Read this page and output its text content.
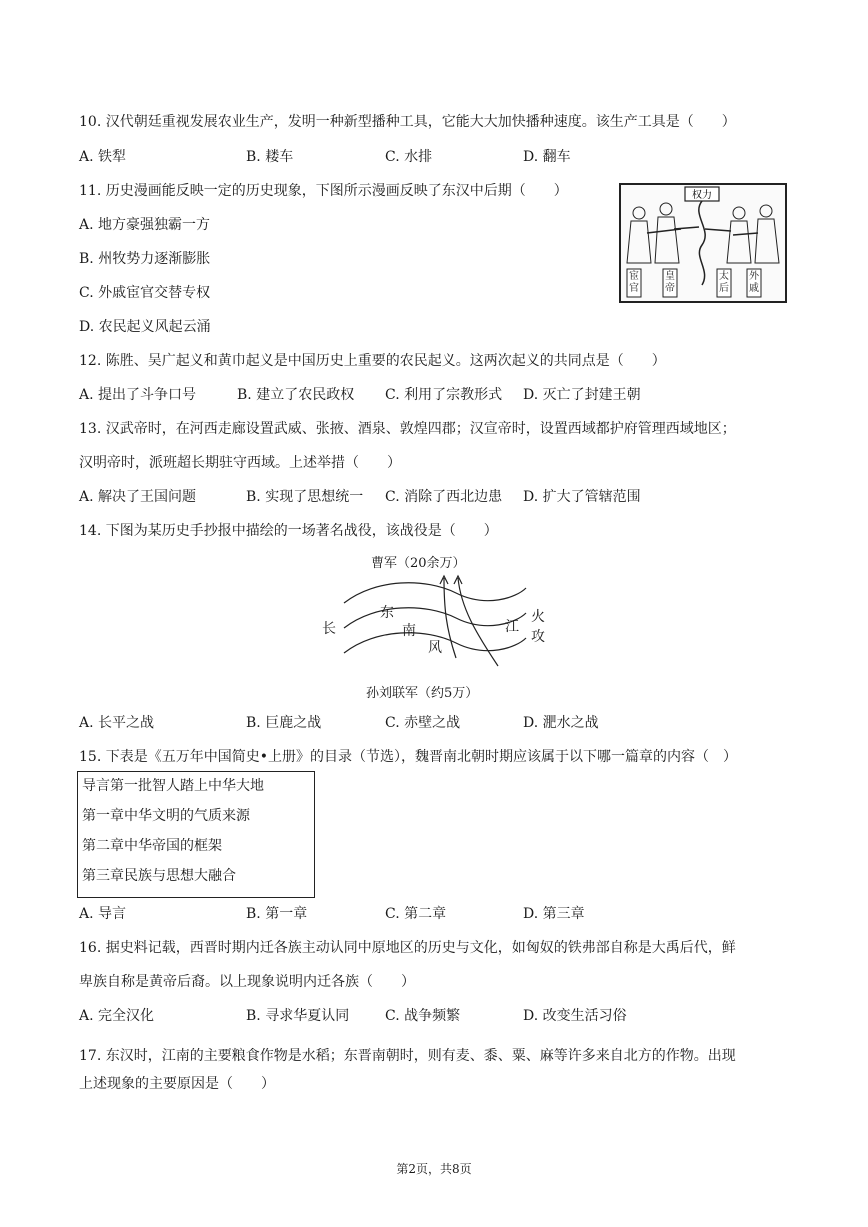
10. 汉代朝廷重视发展农业生产，发明一种新型播种工具，它能大大加快播种速度。该生产工具是（　　）
A. 铁犁	B. 耧车	C. 水排	D. 翻车
11. 历史漫画能反映一定的历史现象，下图所示漫画反映了东汉中后期（　　）
A. 地方豪强独霸一方
B. 州牧势力逐渐膨胀
C. 外戚宦官交替专权
D. 农民起义风起云涌
权力
宦官
皇帝
太后
外戚
12. 陈胜、吴广起义和黄巾起义是中国历史上重要的农民起义。这两次起义的共同点是（　　）
A. 提出了斗争口号	B. 建立了农民政权 C. 利用了宗教形式 D. 灭亡了封建王朝
13. 汉武帝时，在河西走廊设置武威、张掖、酒泉、敦煌四郡；汉宣帝时，设置西域都护府管理西域地区；
汉明帝时，派班超长期驻守西域。上述举措（　　）
A. 解决了王国问题	B. 实现了思想统一 C. 消除了西北边患 D. 扩大了管辖范围
14. 下图为某历史手抄报中描绘的一场著名战役，该战役是（　　）
曹军（20余万）
长	江
东
南
风
火
攻
孙刘联军（约5万）
A. 长平之战	B. 巨鹿之战	C. 赤壁之战	D. 淝水之战
15. 下表是《五万年中国简史•上册》的目录（节选），魏晋南北朝时期应该属于以下哪一篇章的内容（　）
导言第一批智人踏上中华大地
第一章中华文明的气质来源
第二章中华帝国的框架
第三章民族与思想大融合
A. 导言	B. 第一章	C. 第二章	D. 第三章
16. 据史料记载，西晋时期内迁各族主动认同中原地区的历史与文化，如匈奴的铁弗部自称是大禹后代，鲜
卑族自称是黄帝后裔。以上现象说明内迁各族（　　）
A. 完全汉化	B. 寻求华夏认同	C. 战争频繁	D. 改变生活习俗
17. 东汉时，江南的主要粮食作物是水稻；东晋南朝时，则有麦、黍、粟、麻等许多来自北方的作物。出现
上述现象的主要原因是（　　）
第2页，共8页
